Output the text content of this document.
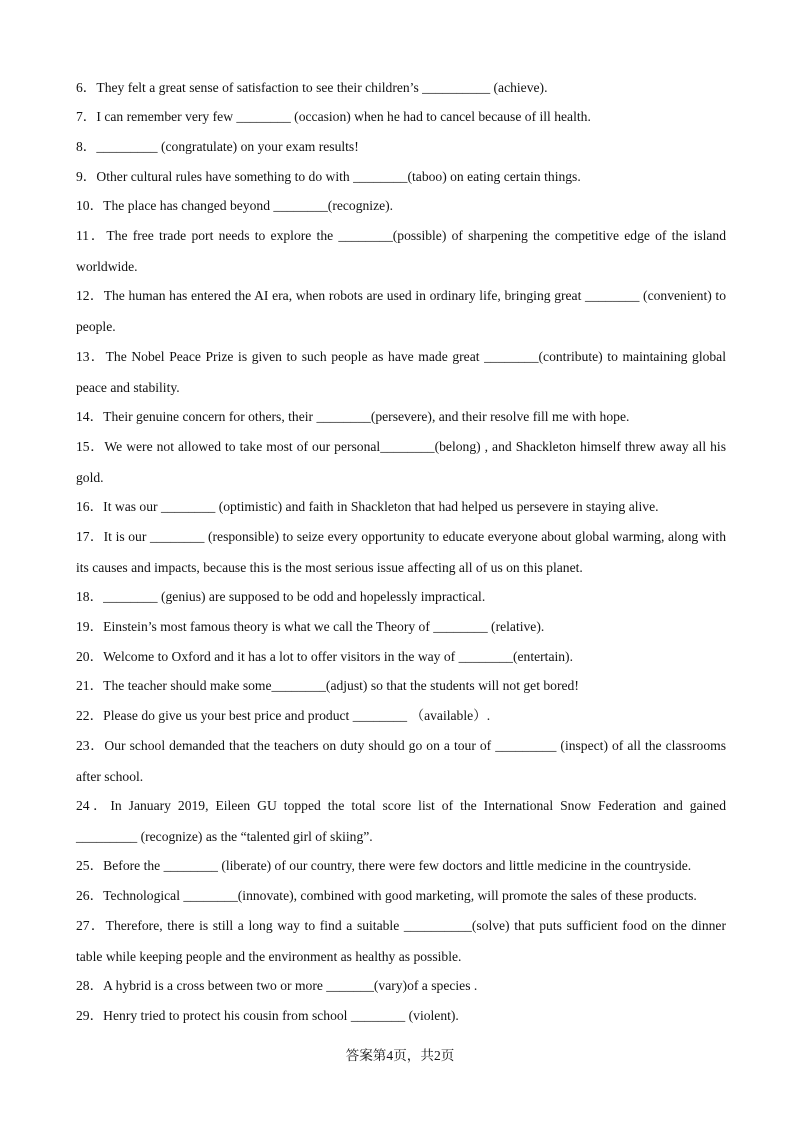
6．They felt a great sense of satisfaction to see their children’s __________ (achieve).

7．I can remember very few ________ (occasion) when he had to cancel because of ill health.

8．_________ (congratulate) on your exam results!

9．Other cultural rules have something to do with ________(taboo) on eating certain things.

10．The place has changed beyond ________(recognize).

11．The free trade port needs to explore the ________(possible) of sharpening the competitive edge of the island worldwide.

12．The human has entered the AI era, when robots are used in ordinary life, bringing great ________ (convenient) to people.

13．The Nobel Peace Prize is given to such people as have made great ________(contribute) to maintaining global peace and stability.

14．Their genuine concern for others, their ________(persevere), and their resolve fill me with hope.

15．We were not allowed to take most of our personal________(belong) , and Shackleton himself threw away all his gold.

16．It was our ________ (optimistic) and faith in Shackleton that had helped us persevere in staying alive.

17．It is our ________ (responsible) to seize every opportunity to educate everyone about global warming, along with its causes and impacts, because this is the most serious issue affecting all of us on this planet.

18．________ (genius) are supposed to be odd and hopelessly impractical.

19．Einstein’s most famous theory is what we call the Theory of ________ (relative).

20．Welcome to Oxford and it has a lot to offer visitors in the way of ________(entertain).

21．The teacher should make some________(adjust) so that the students will not get bored!

22．Please do give us your best price and product ________ （available）.

23．Our school demanded that the teachers on duty should go on a tour of _________ (inspect) of all the classrooms after school.

24．In January 2019, Eileen GU topped the total score list of the International Snow Federation and gained _________ (recognize) as the “talented girl of skiing”.

25．Before the ________ (liberate) of our country, there were few doctors and little medicine in the countryside.

26．Technological ________(innovate), combined with good marketing, will promote the sales of these products.

27．Therefore, there is still a long way to find a suitable __________(solve) that puts sufficient food on the dinner table while keeping people and the environment as healthy as possible.

28．A hybrid is a cross between two or more _______(vary)of a species .

29．Henry tried to protect his cousin from school ________ (violent).

答案第4页，共2页
